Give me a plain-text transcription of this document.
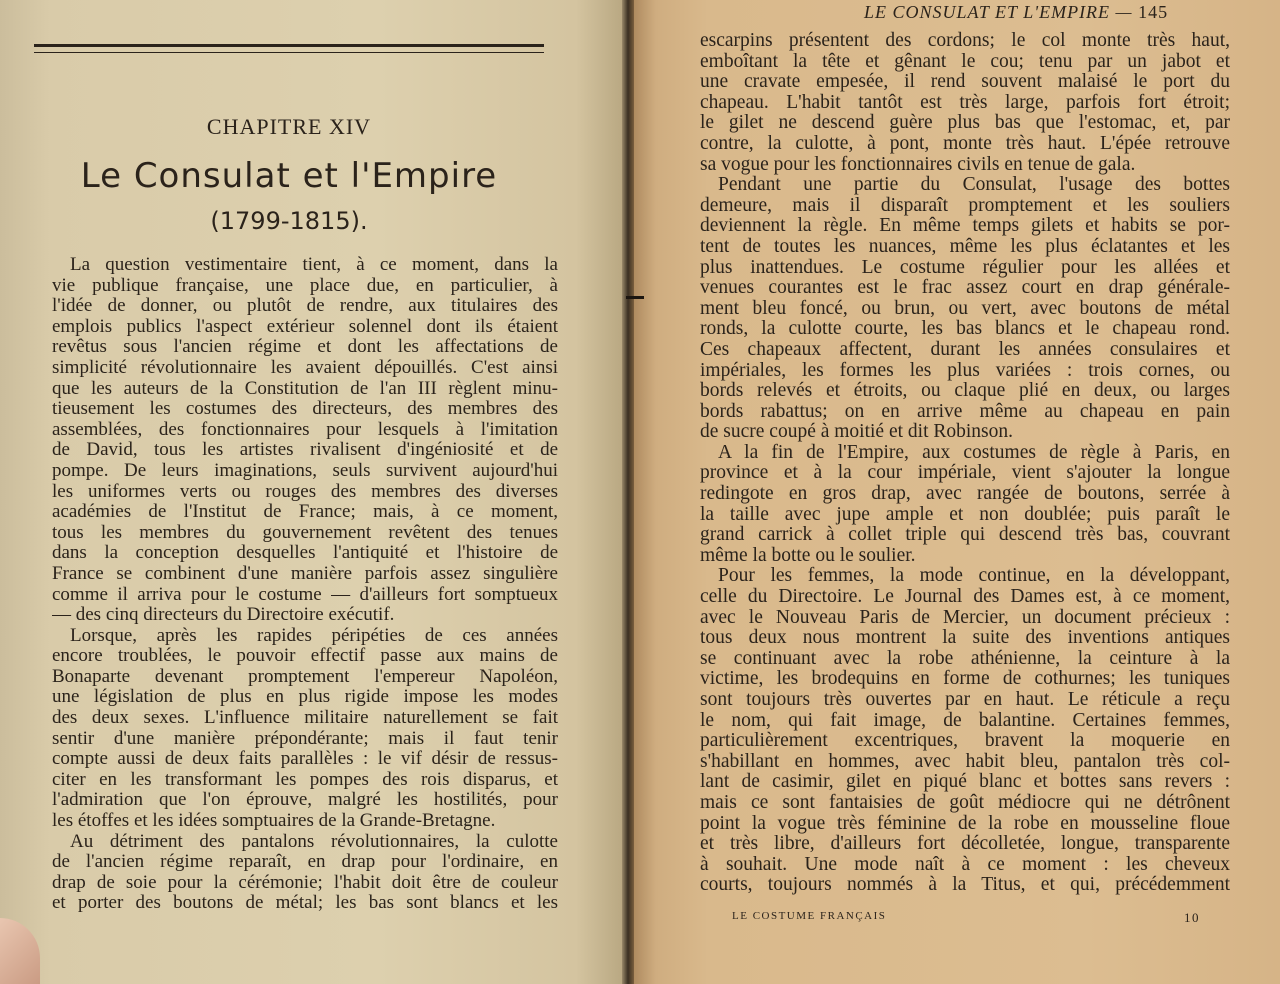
CHAPITRE XIV
Le Consulat et l'Empire
(1799-1815).
La question vestimentaire tient, à ce moment, dans la
vie publique française, une place due, en particulier, à
l'idée de donner, ou plutôt de rendre, aux titulaires des
emplois publics l'aspect extérieur solennel dont ils étaient
revêtus sous l'ancien régime et dont les affectations de
simplicité révolutionnaire les avaient dépouillés. C'est ainsi
que les auteurs de la Constitution de l'an III règlent minu-
tieusement les costumes des directeurs, des membres des
assemblées, des fonctionnaires pour lesquels à l'imitation
de David, tous les artistes rivalisent d'ingéniosité et de
pompe. De leurs imaginations, seuls survivent aujourd'hui
les uniformes verts ou rouges des membres des diverses
académies de l'Institut de France; mais, à ce moment,
tous les membres du gouvernement revêtent des tenues
dans la conception desquelles l'antiquité et l'histoire de
France se combinent d'une manière parfois assez singulière
comme il arriva pour le costume — d'ailleurs fort somptueux
— des cinq directeurs du Directoire exécutif.
Lorsque, après les rapides péripéties de ces années
encore troublées, le pouvoir effectif passe aux mains de
Bonaparte devenant promptement l'empereur Napoléon,
une législation de plus en plus rigide impose les modes
des deux sexes. L'influence militaire naturellement se fait
sentir d'une manière prépondérante; mais il faut tenir
compte aussi de deux faits parallèles : le vif désir de ressus-
citer en les transformant les pompes des rois disparus, et
l'admiration que l'on éprouve, malgré les hostilités, pour
les étoffes et les idées somptuaires de la Grande-Bretagne.
Au détriment des pantalons révolutionnaires, la culotte
de l'ancien régime reparaît, en drap pour l'ordinaire, en
drap de soie pour la cérémonie; l'habit doit être de couleur
et porter des boutons de métal; les bas sont blancs et les
LE CONSULAT ET L'EMPIRE — 145
escarpins présentent des cordons; le col monte très haut,
emboîtant la tête et gênant le cou; tenu par un jabot et
une cravate empesée, il rend souvent malaisé le port du
chapeau. L'habit tantôt est très large, parfois fort étroit;
le gilet ne descend guère plus bas que l'estomac, et, par
contre, la culotte, à pont, monte très haut. L'épée retrouve
sa vogue pour les fonctionnaires civils en tenue de gala.
Pendant une partie du Consulat, l'usage des bottes
demeure, mais il disparaît promptement et les souliers
deviennent la règle. En même temps gilets et habits se por-
tent de toutes les nuances, même les plus éclatantes et les
plus inattendues. Le costume régulier pour les allées et
venues courantes est le frac assez court en drap générale-
ment bleu foncé, ou brun, ou vert, avec boutons de métal
ronds, la culotte courte, les bas blancs et le chapeau rond.
Ces chapeaux affectent, durant les années consulaires et
impériales, les formes les plus variées : trois cornes, ou
bords relevés et étroits, ou claque plié en deux, ou larges
bords rabattus; on en arrive même au chapeau en pain
de sucre coupé à moitié et dit Robinson.
A la fin de l'Empire, aux costumes de règle à Paris, en
province et à la cour impériale, vient s'ajouter la longue
redingote en gros drap, avec rangée de boutons, serrée à
la taille avec jupe ample et non doublée; puis paraît le
grand carrick à collet triple qui descend très bas, couvrant
même la botte ou le soulier.
Pour les femmes, la mode continue, en la développant,
celle du Directoire. Le Journal des Dames est, à ce moment,
avec le Nouveau Paris de Mercier, un document précieux :
tous deux nous montrent la suite des inventions antiques
se continuant avec la robe athénienne, la ceinture à la
victime, les brodequins en forme de cothurnes; les tuniques
sont toujours très ouvertes par en haut. Le réticule a reçu
le nom, qui fait image, de balantine. Certaines femmes,
particulièrement excentriques, bravent la moquerie en
s'habillant en hommes, avec habit bleu, pantalon très col-
lant de casimir, gilet en piqué blanc et bottes sans revers :
mais ce sont fantaisies de goût médiocre qui ne détrônent
point la vogue très féminine de la robe en mousseline floue
et très libre, d'ailleurs fort décolletée, longue, transparente
à souhait. Une mode naît à ce moment : les cheveux
courts, toujours nommés à la Titus, et qui, précédemment
LE COSTUME FRANÇAIS	10
